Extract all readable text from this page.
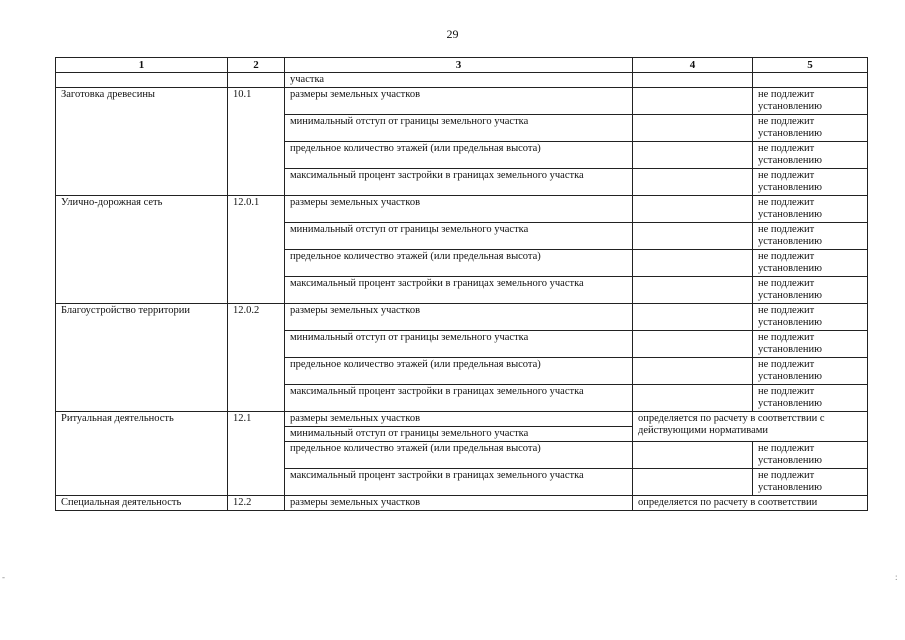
29
1	2	3	4	5
		участка		
Заготовка древесины	10.1	размеры земельных участков		не подлежит установлению
		минимальный отступ от границы земельного участка		не подлежит установлению
		предельное количество этажей (или предельная высота)		не подлежит установлению
		максимальный процент застройки в границах земельного участка		не подлежит установлению
Улично-дорожная сеть	12.0.1	размеры земельных участков		не подлежит установлению
		минимальный отступ от границы земельного участка		не подлежит установлению
		предельное количество этажей (или предельная высота)		не подлежит установлению
		максимальный процент застройки в границах земельного участка		не подлежит установлению
Благоустройство территории	12.0.2	размеры земельных участков		не подлежит установлению
		минимальный отступ от границы земельного участка		не подлежит установлению
		предельное количество этажей (или предельная высота)		не подлежит установлению
		максимальный процент застройки в границах земельного участка		не подлежит установлению
Ритуальная деятельность	12.1	размеры земельных участков	определяется по расчету в соответствии с действующими нормативами	
		минимальный отступ от границы земельного участка		
		предельное количество этажей (или предельная высота)		не подлежит установлению
		максимальный процент застройки в границах земельного участка		не подлежит установлению
Специальная деятельность	12.2	размеры земельных участков	определяется по расчету в соответствии	
-	:
